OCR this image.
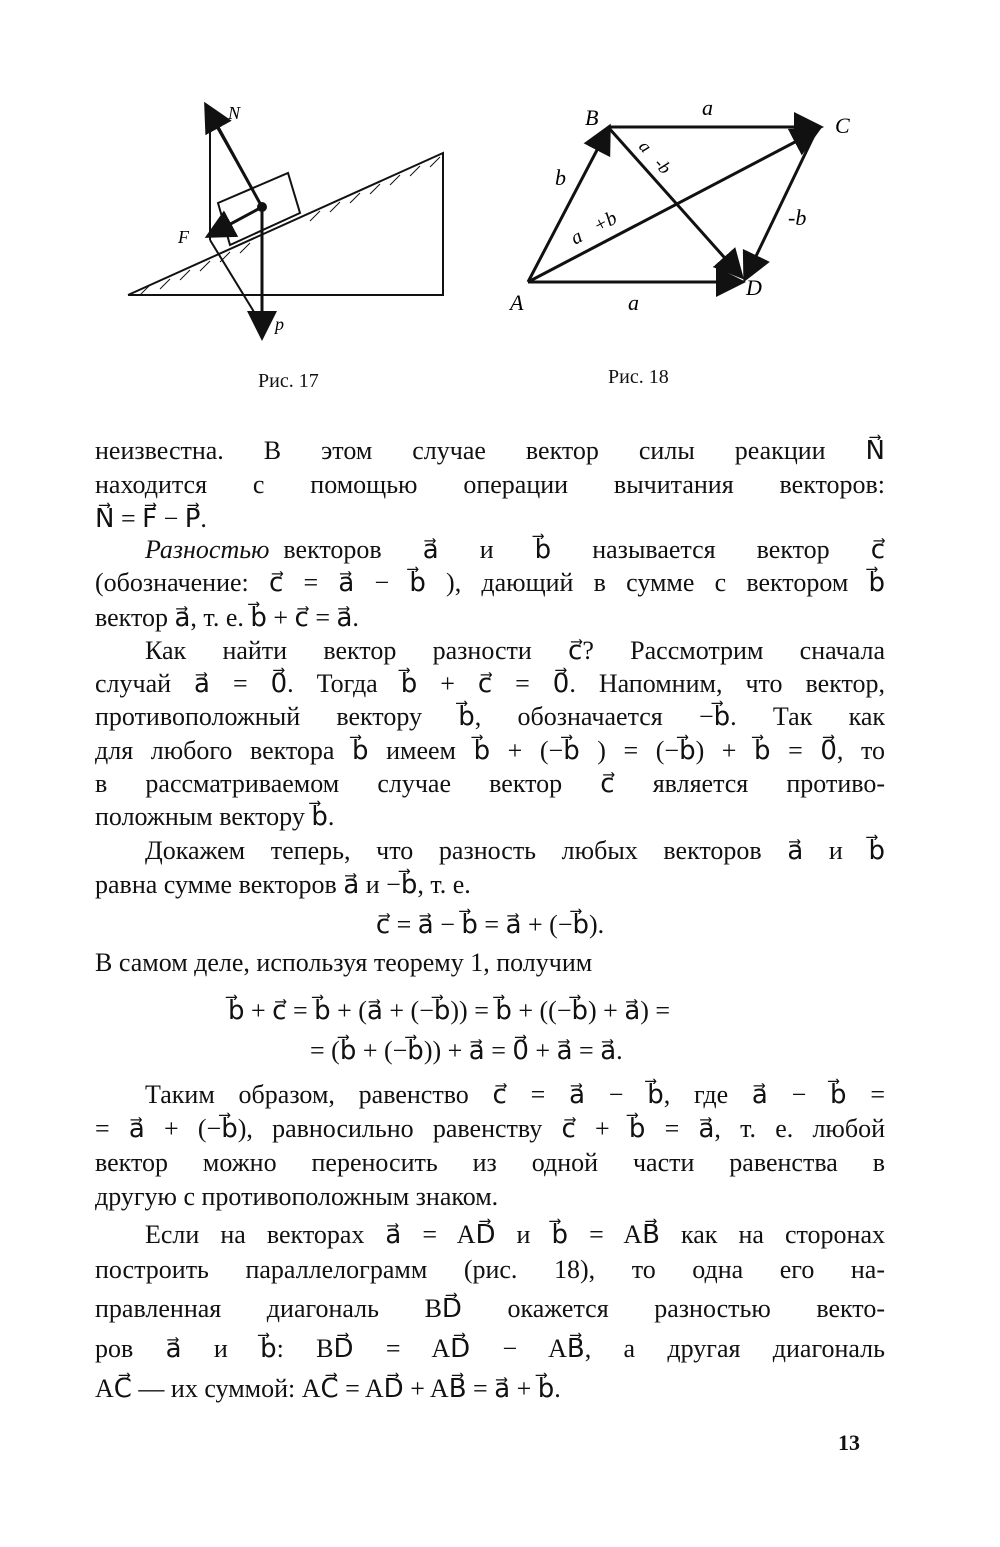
N⃗
F⃗
p⃗
Рис. 17
B	C
D
A
a⃗
a⃗
b⃗
-b⃗
a⃗+b⃗
a⃗-b⃗
Рис. 18
неизвестна. В этом случае вектор силы реакции N⃗
находится с помощью операции вычитания векторов:
N⃗ = F⃗ − P⃗.
Разностью векторов a⃗ и b⃗ называется вектор c⃗
(обозначение: c⃗ = a⃗ − b⃗ ), дающий в сумме с вектором b⃗
вектор a⃗, т. е. b⃗ + c⃗ = a⃗.
Как найти вектор разности c⃗? Рассмотрим сначала
случай a⃗ = 0⃗. Тогда b⃗ + c⃗ = 0⃗. Напомним, что вектор,
противоположный вектору b⃗, обозначается −b⃗. Так как
для любого вектора b⃗ имеем b⃗ + (−b⃗ ) = (−b⃗) + b⃗ = 0⃗, то
в рассматриваемом случае вектор c⃗ является противо-
положным вектору b⃗.
Докажем теперь, что разность любых векторов a⃗ и b⃗
равна сумме векторов a⃗ и −b⃗, т. е.
c⃗ = a⃗ − b⃗ = a⃗ + (−b⃗).
В самом деле, используя теорему 1, получим
b⃗ + c⃗ = b⃗ + (a⃗ + (−b⃗)) = b⃗ + ((−b⃗) + a⃗) =
= (b⃗ + (−b⃗)) + a⃗ = 0⃗ + a⃗ = a⃗.
Таким образом, равенство c⃗ = a⃗ − b⃗, где a⃗ − b⃗ =
= a⃗ + (−b⃗), равносильно равенству c⃗ + b⃗ = a⃗, т. е. любой
вектор можно переносить из одной части равенства в
другую с противоположным знаком.
Если на векторах a⃗ = AD⃗ и b⃗ = AB⃗ как на сторонах
построить параллелограмм (рис. 18), то одна его на-
правленная диагональ BD⃗ окажется разностью векто-
ров a⃗ и b⃗: BD⃗ = AD⃗ − AB⃗, а другая диагональ
AC⃗ — их суммой: AC⃗ = AD⃗ + AB⃗ = a⃗ + b⃗.
13
